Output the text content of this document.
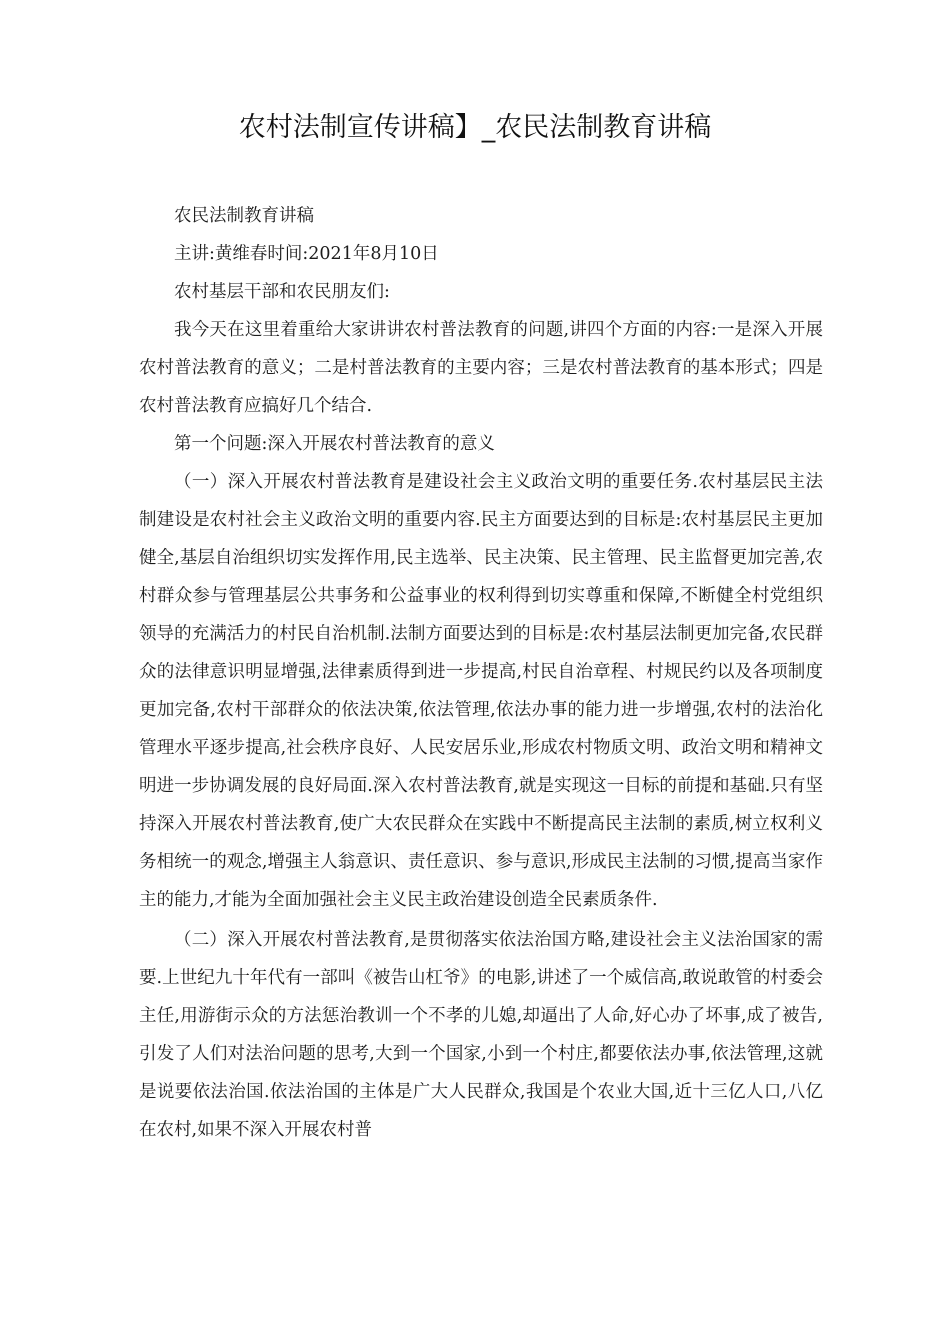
农村法制宣传讲稿】_农民法制教育讲稿

农民法制教育讲稿

主讲:黄维春时间:2021年8月10日

农村基层干部和农民朋友们:

我今天在这里着重给大家讲讲农村普法教育的问题,讲四个方面的内容:一是深入开展农村普法教育的意义；二是村普法教育的主要内容；三是农村普法教育的基本形式；四是农村普法教育应搞好几个结合.

第一个问题:深入开展农村普法教育的意义

（一）深入开展农村普法教育是建设社会主义政治文明的重要任务.农村基层民主法制建设是农村社会主义政治文明的重要内容.民主方面要达到的目标是:农村基层民主更加健全,基层自治组织切实发挥作用,民主选举、民主决策、民主管理、民主监督更加完善,农村群众参与管理基层公共事务和公益事业的权利得到切实尊重和保障,不断健全村党组织领导的充满活力的村民自治机制.法制方面要达到的目标是:农村基层法制更加完备,农民群众的法律意识明显增强,法律素质得到进一步提高,村民自治章程、村规民约以及各项制度更加完备,农村干部群众的依法决策,依法管理,依法办事的能力进一步增强,农村的法治化管理水平逐步提高,社会秩序良好、人民安居乐业,形成农村物质文明、政治文明和精神文明进一步协调发展的良好局面.深入农村普法教育,就是实现这一目标的前提和基础.只有坚持深入开展农村普法教育,使广大农民群众在实践中不断提高民主法制的素质,树立权利义务相统一的观念,增强主人翁意识、责任意识、参与意识,形成民主法制的习惯,提高当家作主的能力,才能为全面加强社会主义民主政治建设创造全民素质条件.

（二）深入开展农村普法教育,是贯彻落实依法治国方略,建设社会主义法治国家的需要.上世纪九十年代有一部叫《被告山杠爷》的电影,讲述了一个威信高,敢说敢管的村委会主任,用游街示众的方法惩治教训一个不孝的儿媳,却逼出了人命,好心办了坏事,成了被告,引发了人们对法治问题的思考,大到一个国家,小到一个村庄,都要依法办事,依法管理,这就是说要依法治国.依法治国的主体是广大人民群众,我国是个农业大国,近十三亿人口,八亿在农村,如果不深入开展农村普
